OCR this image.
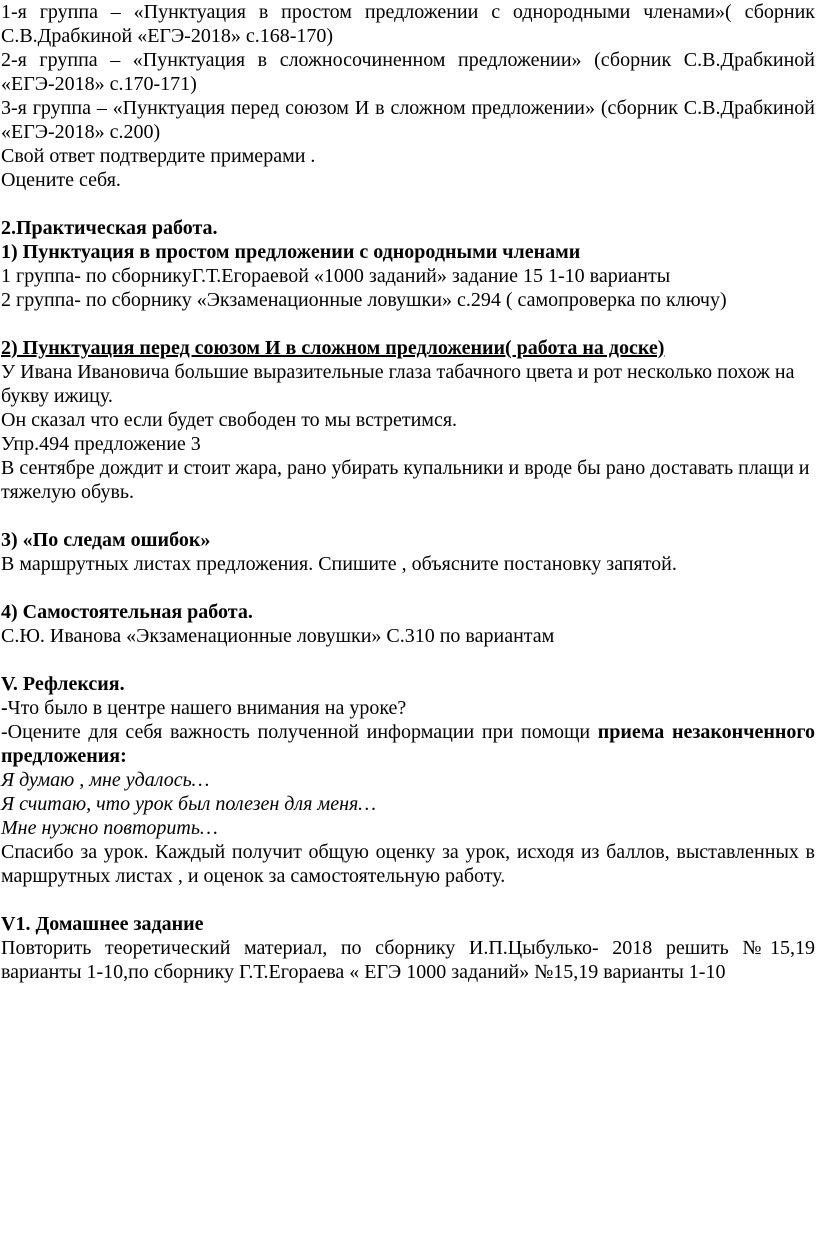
1-я группа – «Пунктуация в простом предложении с однородными членами»( сборник С.В.Драбкиной «ЕГЭ-2018» с.168-170)

2-я группа – «Пунктуация в сложносочиненном предложении» (сборник С.В.Драбкиной «ЕГЭ-2018» с.170-171)

3-я группа – «Пунктуация перед союзом И в сложном предложении» (сборник С.В.Драбкиной «ЕГЭ-2018» с.200)

Свой ответ подтвердите примерами .

Оцените себя.

2.Практическая работа.

1) Пунктуация в простом предложении с однородными членами

1 группа- по сборникуГ.Т.Егораевой «1000 заданий» задание 15 1-10 варианты

2 группа- по сборнику «Экзаменационные ловушки» с.294 ( самопроверка по ключу)

2) Пунктуация перед союзом И в сложном предложении( работа на доске)

У Ивана Ивановича большие выразительные глаза табачного цвета и рот несколько похож на букву ижицу.

Он сказал что если будет свободен то мы встретимся.

Упр.494 предложение 3

В сентябре дождит и стоит жара, рано убирать купальники и вроде бы рано доставать плащи и тяжелую обувь.

3) «По следам ошибок»

В маршрутных листах предложения. Спишите , объясните постановку запятой.

4) Самостоятельная работа.

С.Ю. Иванова «Экзаменационные ловушки» С.310 по вариантам

V. Рефлексия.

-Что было в центре нашего внимания на уроке?

-Оцените для себя важность полученной информации при помощи приема незаконченного предложения:

Я думаю , мне удалось…

Я считаю, что урок был полезен для меня…

Мне нужно повторить…

Спасибо за урок. Каждый получит общую оценку за урок, исходя из баллов, выставленных в маршрутных листах , и оценок за самостоятельную работу.

V1. Домашнее задание

Повторить теоретический материал, по сборнику И.П.Цыбулько- 2018 решить №15,19 варианты 1-10,по сборнику Г.Т.Егораева « ЕГЭ 1000 заданий» №15,19 варианты 1-10
